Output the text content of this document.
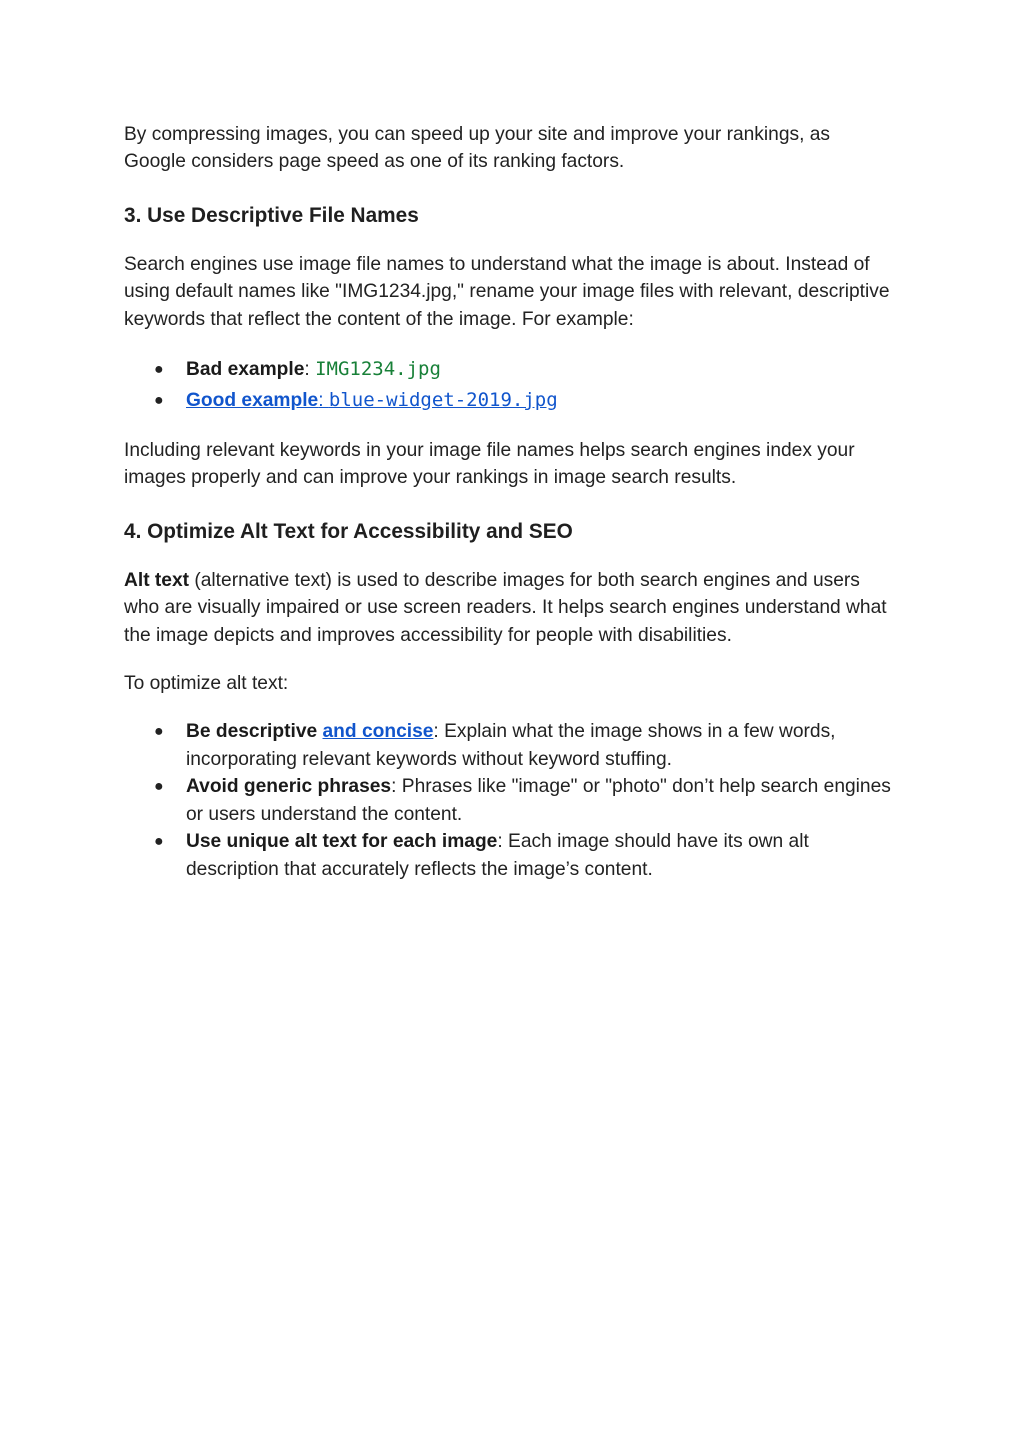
By compressing images, you can speed up your site and improve your rankings, as Google considers page speed as one of its ranking factors.

3. Use Descriptive File Names

Search engines use image file names to understand what the image is about. Instead of using default names like "IMG1234.jpg," rename your image files with relevant, descriptive keywords that reflect the content of the image. For example:

● Bad example: IMG1234.jpg
● Good example: blue-widget-2019.jpg

Including relevant keywords in your image file names helps search engines index your images properly and can improve your rankings in image search results.

4. Optimize Alt Text for Accessibility and SEO

Alt text (alternative text) is used to describe images for both search engines and users who are visually impaired or use screen readers. It helps search engines understand what the image depicts and improves accessibility for people with disabilities.

To optimize alt text:

● Be descriptive and concise: Explain what the image shows in a few words, incorporating relevant keywords without keyword stuffing.
● Avoid generic phrases: Phrases like "image" or "photo" don’t help search engines or users understand the content.
● Use unique alt text for each image: Each image should have its own alt description that accurately reflects the image’s content.
